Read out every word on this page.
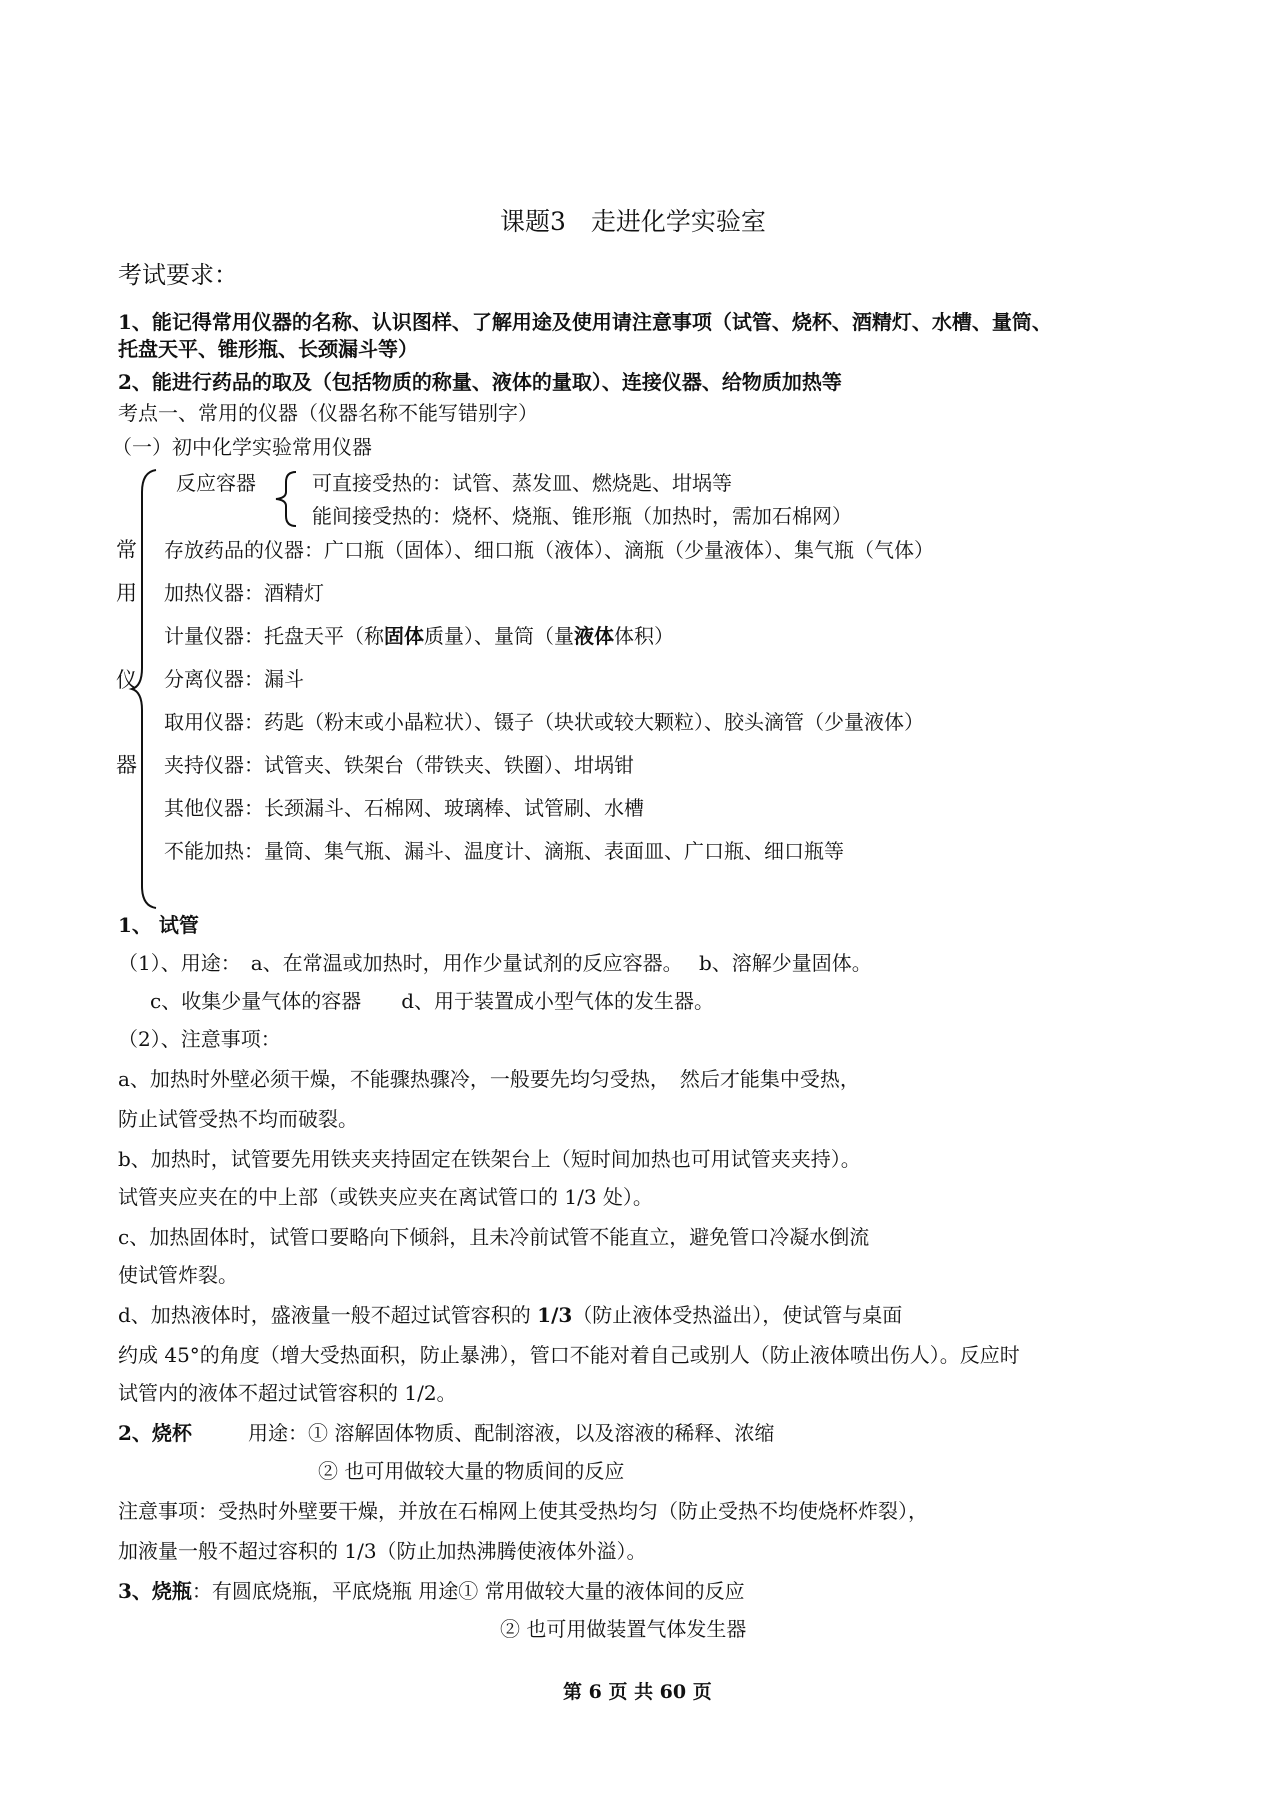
课题3　走进化学实验室
考试要求：
1、能记得常用仪器的名称、认识图样、了解用途及使用请注意事项（试管、烧杯、酒精灯、水槽、量筒、
托盘天平、锥形瓶、长颈漏斗等）
2、能进行药品的取及（包括物质的称量、液体的量取）、连接仪器、给物质加热等
考点一、常用的仪器（仪器名称不能写错别字）
（一）初中化学实验常用仪器
常
用
仪
器
反应容器	可直接受热的：试管、蒸发皿、燃烧匙、坩埚等
能间接受热的：烧杯、烧瓶、锥形瓶（加热时，需加石棉网）
存放药品的仪器：广口瓶（固体）、细口瓶（液体）、滴瓶（少量液体）、集气瓶（气体）
加热仪器：酒精灯
计量仪器：托盘天平（称固体质量）、量筒（量液体体积）
分离仪器：漏斗
取用仪器：药匙（粉末或小晶粒状）、镊子（块状或较大颗粒）、胶头滴管（少量液体）
夹持仪器：试管夹、铁架台（带铁夹、铁圈）、坩埚钳
其他仪器：长颈漏斗、石棉网、玻璃棒、试管刷、水槽
不能加热：量筒、集气瓶、漏斗、温度计、滴瓶、表面皿、广口瓶、细口瓶等
1、 试管
（1）、用途：　a、在常温或加热时，用作少量试剂的反应容器。　 b、溶解少量固体。
c、收集少量气体的容器　　d、用于装置成小型气体的发生器。
（2）、注意事项：
a、加热时外壁必须干燥，不能骤热骤冷，一般要先均匀受热，　然后才能集中受热，
防止试管受热不均而破裂。
b、加热时，试管要先用铁夹夹持固定在铁架台上（短时间加热也可用试管夹夹持）。
试管夹应夹在的中上部（或铁夹应夹在离试管口的 1/3 处）。
c、加热固体时，试管口要略向下倾斜，且未冷前试管不能直立，避免管口冷凝水倒流
使试管炸裂。
d、加热液体时，盛液量一般不超过试管容积的 1/3（防止液体受热溢出），使试管与桌面
约成 45°的角度（增大受热面积，防止暴沸），管口不能对着自己或别人（防止液体喷出伤人）。反应时
试管内的液体不超过试管容积的 1/2。
2、烧杯	用途：① 溶解固体物质、配制溶液，以及溶液的稀释、浓缩
② 也可用做较大量的物质间的反应
注意事项：受热时外壁要干燥，并放在石棉网上使其受热均匀（防止受热不均使烧杯炸裂），
加液量一般不超过容积的 1/3（防止加热沸腾使液体外溢）。
3、烧瓶：有圆底烧瓶，平底烧瓶 用途① 常用做较大量的液体间的反应
② 也可用做装置气体发生器
第 6 页 共 60 页
